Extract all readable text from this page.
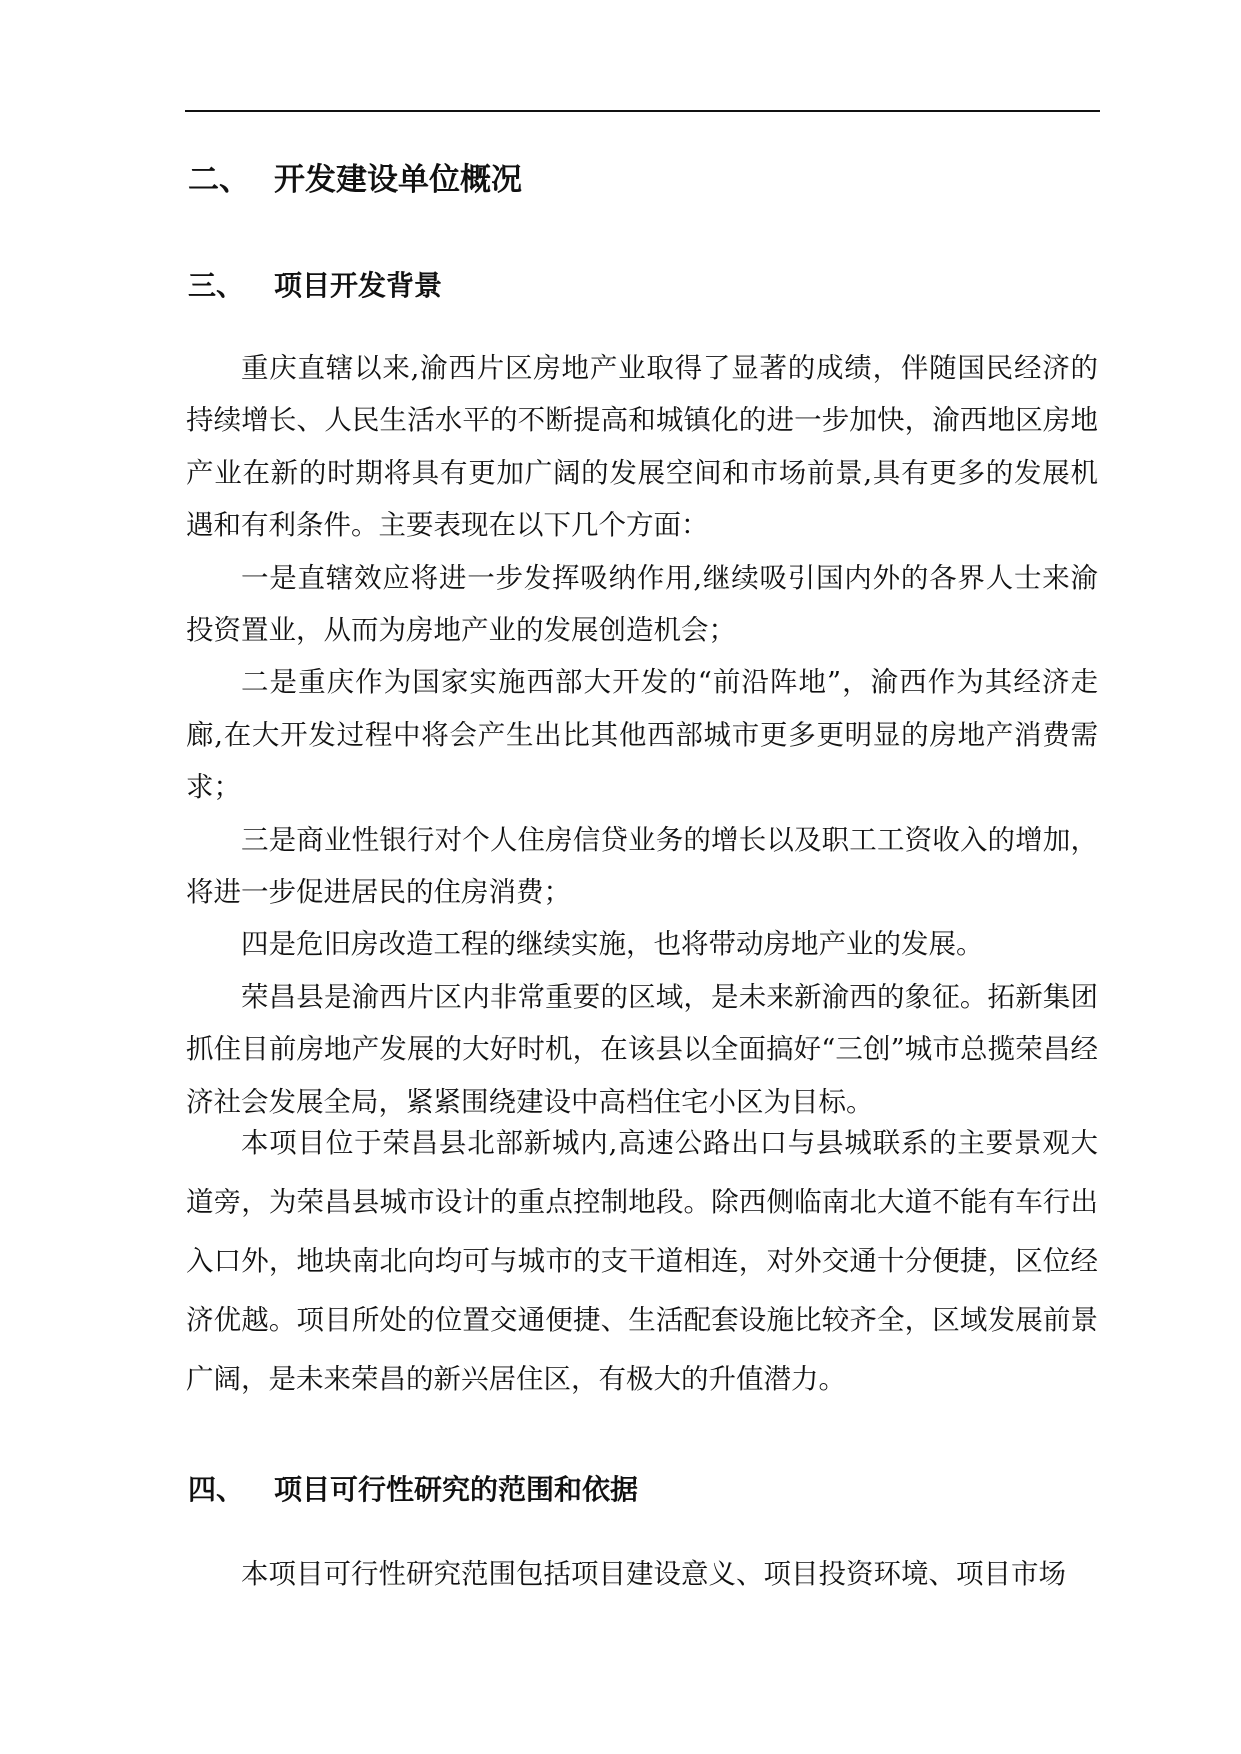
二、 开发建设单位概况
三、 项目开发背景

重庆直辖以来,渝西片区房地产业取得了显著的成绩，伴随国民经济的持续增长、人民生活水平的不断提高和城镇化的进一步加快，渝西地区房地产业在新的时期将具有更加广阔的发展空间和市场前景,具有更多的发展机遇和有利条件。主要表现在以下几个方面：

一是直辖效应将进一步发挥吸纳作用,继续吸引国内外的各界人士来渝投资置业，从而为房地产业的发展创造机会；

二是重庆作为国家实施西部大开发的“前沿阵地”，渝西作为其经济走廊,在大开发过程中将会产生出比其他西部城市更多更明显的房地产消费需求；

三是商业性银行对个人住房信贷业务的增长以及职工工资收入的增加，将进一步促进居民的住房消费；

四是危旧房改造工程的继续实施，也将带动房地产业的发展。

荣昌县是渝西片区内非常重要的区域，是未来新渝西的象征。拓新集团抓住目前房地产发展的大好时机，在该县以全面搞好“三创”城市总揽荣昌经济社会发展全局，紧紧围绕建设中高档住宅小区为目标。

本项目位于荣昌县北部新城内,高速公路出口与县城联系的主要景观大道旁，为荣昌县城市设计的重点控制地段。除西侧临南北大道不能有车行出入口外，地块南北向均可与城市的支干道相连，对外交通十分便捷，区位经济优越。项目所处的位置交通便捷、生活配套设施比较齐全，区域发展前景广阔，是未来荣昌的新兴居住区，有极大的升值潜力。

四、 项目可行性研究的范围和依据

本项目可行性研究范围包括项目建设意义、项目投资环境、项目市场
